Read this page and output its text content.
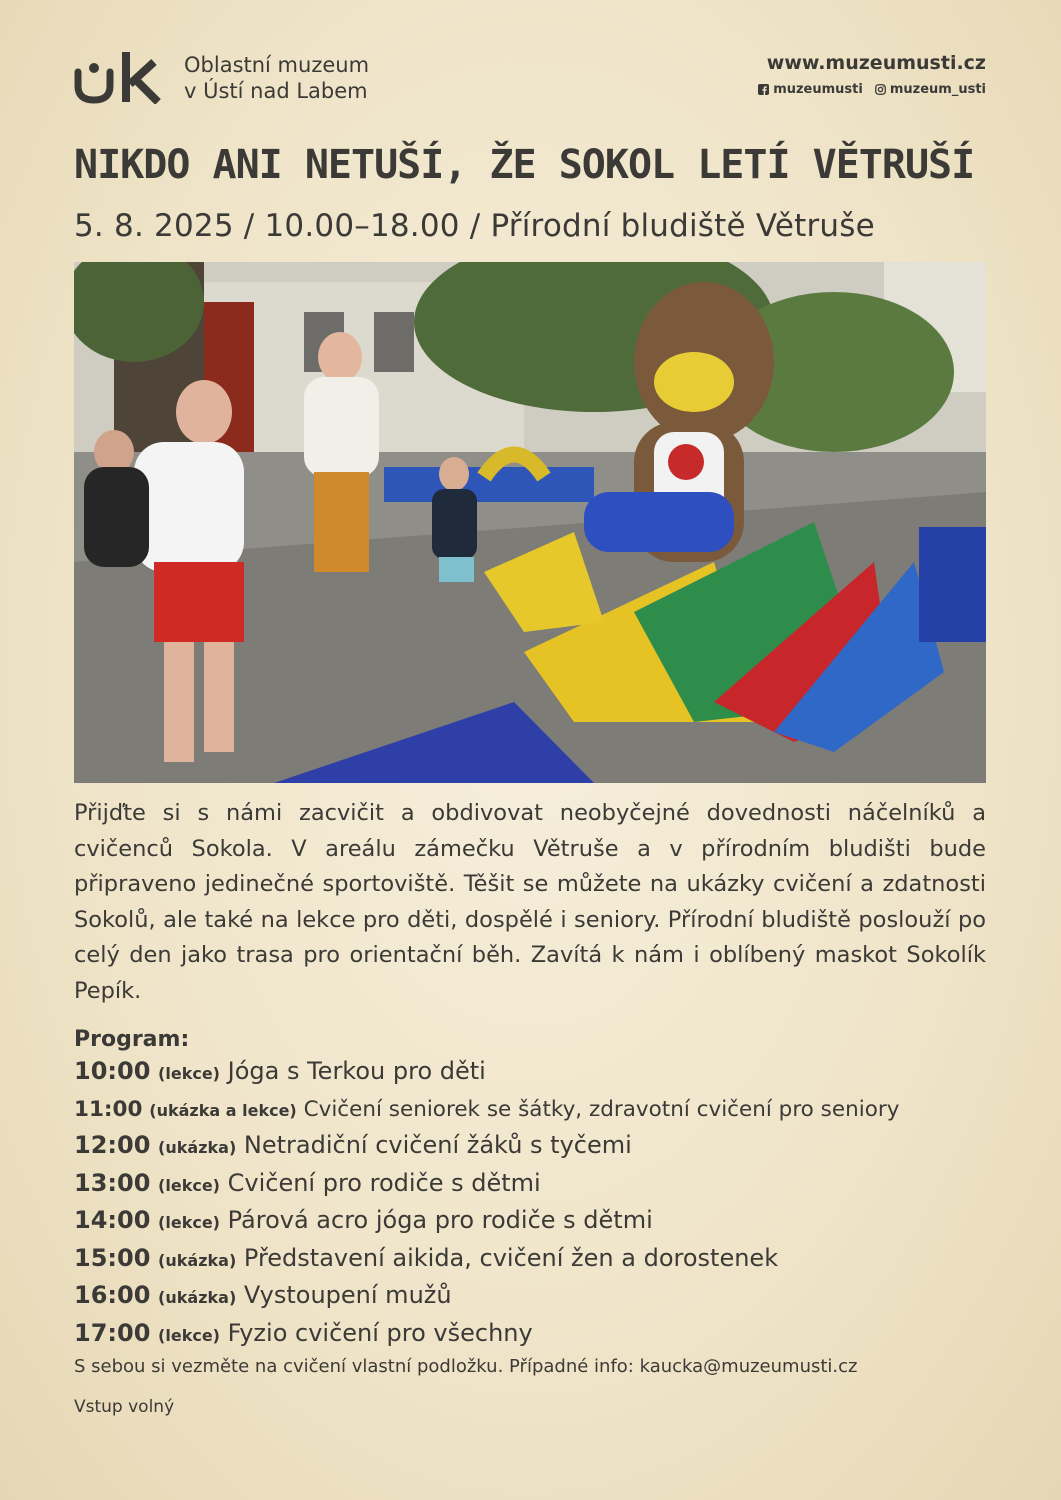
Oblastní muzeum
v Ústí nad Labem
www.muzeumusti.cz
muzeumusti muzeum_usti
NIKDO ANI NETUŠÍ, ŽE SOKOL LETÍ VĚTRUŠÍ
5. 8. 2025 / 10.00–18.00 / Přírodní bludiště Větruše
Přijďte si s námi zacvičit a obdivovat neobyčejné dovednosti náčelníků a cvičenců Sokola. V areálu zámečku Větruše a v přírodním bludišti bude připraveno jedinečné sportoviště. Těšit se můžete na ukázky cvičení a zdatnosti Sokolů, ale také na lekce pro děti, dospělé i seniory. Přírodní bludiště poslouží po celý den jako trasa pro orientační běh. Zavítá k nám i oblíbený maskot Sokolík Pepík.
Program:
10:00 (lekce) Jóga s Terkou pro děti
11:00 (ukázka a lekce) Cvičení seniorek se šátky, zdravotní cvičení pro seniory
12:00 (ukázka) Netradiční cvičení žáků s tyčemi
13:00 (lekce) Cvičení pro rodiče s dětmi
14:00 (lekce) Párová acro jóga pro rodiče s dětmi
15:00 (ukázka) Představení aikida, cvičení žen a dorostenek
16:00 (ukázka) Vystoupení mužů
17:00 (lekce) Fyzio cvičení pro všechny
S sebou si vezměte na cvičení vlastní podložku. Případné info: kaucka@muzeumusti.cz
Vstup volný
